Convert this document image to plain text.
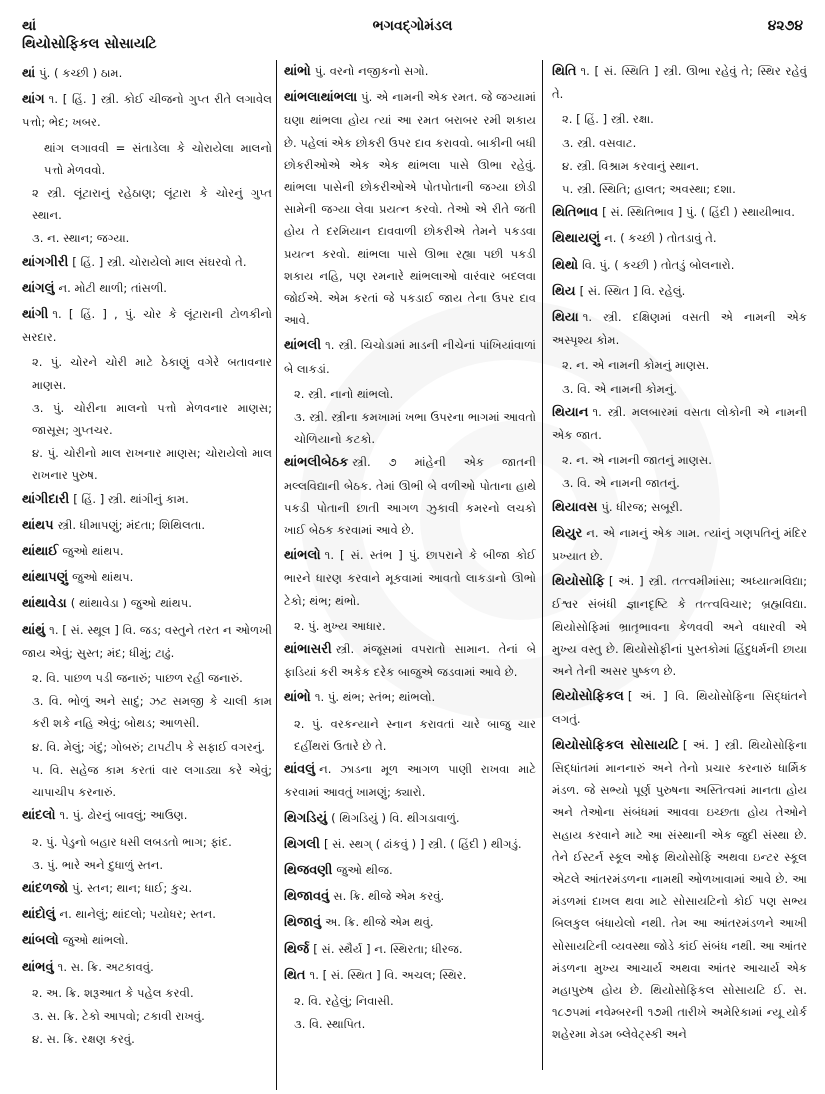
થાં	ભગવદ્ગોમંડલ	૪૨૭૪
થિયોસોફિકલ સોસાયટિ
થાં પું. ( કચ્છી ) ઠામ.
થાંગ ૧. [ હિં. ] સ્ત્રી. કોઈ ચીજનો ગુપ્ત રીતે લગાવેલ પત્તો; ભેદ; ખબર.
થાંગ લગાવવી = સંતાડેલા કે ચોરાયેલા માલનો પત્તો મેળવવો.
૨ સ્ત્રી. લૂંટારાનું રહેઠાણ; લૂંટારા કે ચોરનું ગુપ્ત સ્થાન.
૩. ન. સ્થાન; જગ્યા.
થાંગગીરી [ હિં. ] સ્ત્રી. ચોરાયેલો માલ સંઘરવો તે.
થાંગલું ન. મોટી થાળી; તાંસળી.
થાંગી ૧. [ હિં. ] , પું. ચોર કે લૂંટારાની ટોળકીનો સરદાર.
૨. પું. ચોરને ચોરી માટે ઠેકાણું વગેરે બતાવનાર માણસ.
૩. પું. ચોરીના માલનો પત્તો મેળવનાર માણસ; જાસૂસ; ગુપ્તચર.
૪. પું. ચોરીનો માલ રાખનાર માણસ; ચોરાયેલો માલ રાખનાર પુરુષ.
થાંગીદારી [ હિં. ] સ્ત્રી. થાંગીનું કામ.
થાંથપ સ્ત્રી. ધીમાપણું; મંદતા; શિથિલતા.
થાંથાઈ જુઓ થાંથપ.
થાંથાપણું જુઓ થાંથપ.
થાંથાવેડા ( થાંથાવેડા ) જુઓ થાંથપ.
થાંથું ૧. [ સં. સ્થૂલ ] વિ. જડ; વસ્તુને તરત ન ઓળખી જાય એવું; સુસ્ત; મંદ; ધીમું; ટાઢું.
૨. વિ. પાછળ પડી જનારું; પાછળ રહી જનારું.
૩. વિ. ભોળું અને સાદું; ઝટ સમજી કે ચાલી કામ કરી શકે નહિ એવું; બોથડ; આળસી.
૪. વિ. મેલું; ગંદું; ગોબરું; ટાપટીપ કે સફાઈ વગરનું.
૫. વિ. સહેજ કામ કરતાં વાર લગાડ્યા કરે એવું; ચાપાચીપ કરનારું.
થાંદલો ૧. પું. ઢોરનું બાવલું; આઉણ.
૨. પું. પેડુનો બહાર ધસી લબડતો ભાગ; ફાંદ.
૩. પું. ભારે અને દુધાળું સ્તન.
થાંદળજો પું. સ્તન; થાન; ધાઈ; કુચ.
થાંદોલું ન. થાનેલું; થાંદલો; પયોધર; સ્તન.
થાંબલો જુઓ થાંભલો.
થાંભવું ૧. સ. ક્રિ. અટકાવવું.
૨. અ. ક્રિ. શરૂઆત કે પહેલ કરવી.
૩. સ. ક્રિ. ટેકો આપવો; ટકાવી રાખવું.
૪. સ. ક્રિ. રક્ષણ કરવું.
થાંભો પું. વરનો નજીકનો સગો.
થાંભલાથાંભલા પું. એ નામની એક રમત. જે જગ્યામાં ઘણા થાંભલા હોય ત્યાં આ રમત બરાબર રમી શકાય છે. પહેલાં એક છોકરી ઉપર દાવ કરાવવો. બાકીની બધી છોકરીઓએ એક એક થાંભલા પાસે ઊભા રહેવું. થાંભલા પાસેની છોકરીઓએ પોતપોતાની જગ્યા છોડી સામેની જગ્યા લેવા પ્રયત્ન કરવો. તેઓ એ રીતે જતી હોય તે દરમિયાન દાવવાળી છોકરીએ તેમને પકડવા પ્રયત્ન કરવો. થાંભલા પાસે ઊભા રહ્યા પછી પકડી શકાય નહિ, પણ રમનારે થાંભલાઓ વારંવાર બદલવા જોઈએ. એમ કરતાં જે પકડાઈ જાય તેના ઉપર દાવ આવે.
થાંભલી ૧. સ્ત્રી. ચિચોડામાં માડની નીચેનાં પાંખિયાંવાળાં બે લાકડાં.
૨. સ્ત્રી. નાનો થાંભલો.
૩. સ્ત્રી. સ્ત્રીના કમખામાં ખભા ઉપરના ભાગમાં આવતો ચોળિયાનો કટકો.
થાંભલીબેઠક સ્ત્રી. ૭ માંહેની એક જાતની મલ્લવિદ્યાની બેઠક. તેમાં ઊભી બે વળીઓ પોતાના હાથે પકડી પોતાની છાતી આગળ ઝુકાવી કમરનો લચકો ખાઈ બેઠક કરવામાં આવે છે.
થાંભલો ૧. [ સં. સ્તંભ ] પું. છાપરાને કે બીજા કોઈ ભારને ધારણ કરવાને મૂકવામાં આવતો લાકડાનો ઊભો ટેકો; થંભ; થંભો.
૨. પું. મુખ્ય આધાર.
થાંભાસરી સ્ત્રી. મંજૂસમાં વપરાતો સામાન. તેનાં બે ફાડિયાં કરી અકેક દરેક બાજુએ જડવામાં આવે છે.
થાંભો ૧. પું. થંભ; સ્તંભ; થાંભલો.
૨. પું. વરકન્યાને સ્નાન કરાવતાં ચારે બાજુ ચાર દહીંથરાં ઉતારે છે તે.
થાંવલું ન. ઝાડના મૂળ આગળ પાણી રાખવા માટે કરવામાં આવતું ખામણું; ક્યારો.
થિગડિયું ( થિગડિયું ) વિ. થીગડાવાળું.
થિગલી [ સં. સ્થગ્ ( ઢાંકવું ) ] સ્ત્રી. ( હિંદી ) થીગડું.
થિજવણી જુઓ થીજ.
થિજાવવું સ. ક્રિ. થીજે એમ કરવું.
થિજાવું અ. ક્રિ. થીજે એમ થવું.
થિર્જ [ સં. સ્થૈર્ય ] ન. સ્થિરતા; ધીરજ.
થિત ૧. [ સં. સ્થિત ] વિ. અચલ; સ્થિર.
૨. વિ. રહેલું; નિવાસી.
૩. વિ. સ્થાપિત.
થિતિ ૧. [ સં. સ્થિતિ ] સ્ત્રી. ઊભા રહેવું તે; સ્થિર રહેવું તે.
૨. [ હિં. ] સ્ત્રી. રક્ષા.
૩. સ્ત્રી. વસવાટ.
૪. સ્ત્રી. વિશ્રામ કરવાનું સ્થાન.
૫. સ્ત્રી. સ્થિતિ; હાલત; અવસ્થા; દશા.
થિતિભાવ [ સં. સ્થિતિભાવ ] પું. ( હિંદી ) સ્થાયીભાવ.
થિથાયણું ન. ( કચ્છી ) તોતડાવું તે.
થિથો વિ. પું. ( કચ્છી ) તોતડું બોલનારો.
થિય [ સં. સ્થિત ] વિ. રહેલું.
થિયા ૧. સ્ત્રી. દક્ષિણમાં વસતી એ નામની એક અસ્પૃશ્ય કોમ.
૨. ન. એ નામની કોમનું માણસ.
૩. વિ. એ નામની કોમનું.
થિયાન ૧. સ્ત્રી. મલબારમાં વસતા લોકોની એ નામની એક જાત.
૨. ન. એ નામની જાતનું માણસ.
૩. વિ. એ નામની જાતનું.
થિયાવસ પું. ધીરજ; સબૂરી.
થિયુર ન. એ નામનું એક ગામ. ત્યાંનું ગણપતિનું મંદિર પ્રખ્યાત છે.
થિયોસોફિ [ અં. ] સ્ત્રી. તત્ત્વમીમાંસા; અધ્યાત્મવિદ્યા; ઈશ્વર સંબંધી જ્ઞાનદૃષ્ટિ કે તત્ત્વવિચાર; બ્રહ્મવિદ્યા. થિયોસોફિમાં ભ્રાતૃભાવના કેળવવી અને વધારવી એ મુખ્ય વસ્તુ છે. થિયોસોફીનાં પુસ્તકોમાં હિંદુધર્મની છાયા અને તેની અસર પુષ્કળ છે.
થિયોસોફિકલ [ અં. ] વિ. થિયોસોફિના સિદ્ધાંતને લગતું.
થિયોસોફિકલ સોસાયટિ [ અં. ] સ્ત્રી. થિયોસોફિના સિદ્ધાંતમાં માનનારું અને તેનો પ્રચાર કરનારું ધાર્મિક મંડળ. જે સભ્યો પૂર્ણ પુરુષના અસ્તિત્વમાં માનતા હોય અને તેઓના સંબંધમાં આવવા ઇચ્છતા હોય તેઓને સહાય કરવાને માટે આ સંસ્થાની એક જુદી સંસ્થા છે. તેને ઈસ્ટર્ન સ્કૂલ ઓફ થિયોસોફિ અથવા ઇન્ટર સ્કૂલ એટલે આંતરમંડળના નામથી ઓળખાવામાં આવે છે. આ મંડળમાં દાખલ થવા માટે સોસાયટિનો કોઈ પણ સભ્ય બિલકુલ બંધાયેલો નથી. તેમ આ આંતરમંડળને આખી સોસાયટિની વ્યવસ્થા જોડે કાંઈ સંબંધ નથી. આ આંતર મંડળના મુખ્ય આચાર્ય અથવા આંતર આચાર્ય એક મહાપુરુષ હોય છે. થિયોસોફિકલ સોસાયટિ ઈ. સ. ૧૮૭૫માં નવેમ્બરની ૧૭મી તારીખે અમેરિકામાં ન્યૂ યોર્ક શહેરમા મેડમ બ્લેવેટ્સ્કી અને
